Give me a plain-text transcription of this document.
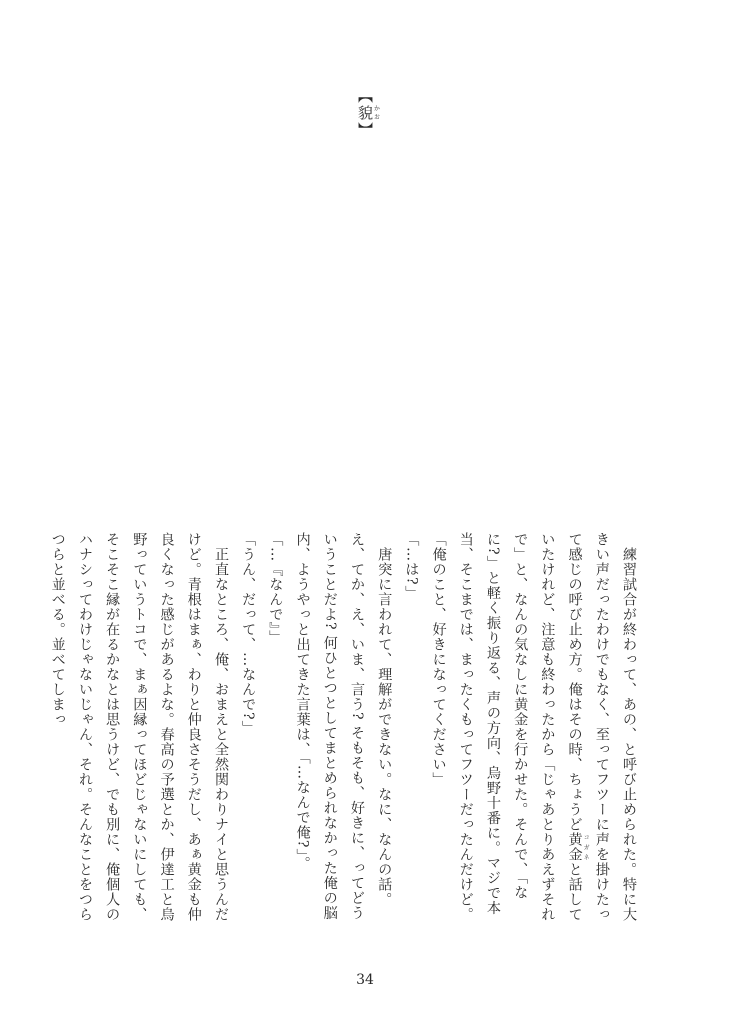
【貌かお】

　練習試合が終わって、あの、と呼び止められた。特に大きい声だったわけでもなく、至ってフツーに声を掛けたって感じの呼び止め方。俺はその時、ちょうど黄金 コガネと話していたけれど、注意も終わったから「じゃあとりあえずそれで」と、なんの気なしに黄金を行かせた。そんで、「なに?」と軽く振り返る、声の方向、烏野十番に。マジで本当、そこまでは、まったくもってフツーだったんだけど。

「俺のこと、好きになってください」

「…は?」

　唐突に言われて、理解ができない。なに、なんの話。え、てか、え、いま、言う? そもそも、好きに、ってどういうことだよ? 何ひとつとしてまとめられなかった俺の脳内、ようやっと出てきた言葉は、「…なんで俺?」。

「…『なんで』」

「うん、だって、…なんで?」

　正直なところ、俺、おまえと全然関わりナイと思うんだけど。青根はまぁ、わりと仲良さそうだし、あぁ黄金も仲良くなった感じがあるよな。春高の予選とか、伊達工と烏野っていうトコで、まぁ因縁ってほどじゃないにしても、そこそこ縁が在るかなとは思うけど、でも別に、俺個人のハナシってわけじゃないじゃん、それ。そんなことをつらつらと並べる。並べてしまっ

34
